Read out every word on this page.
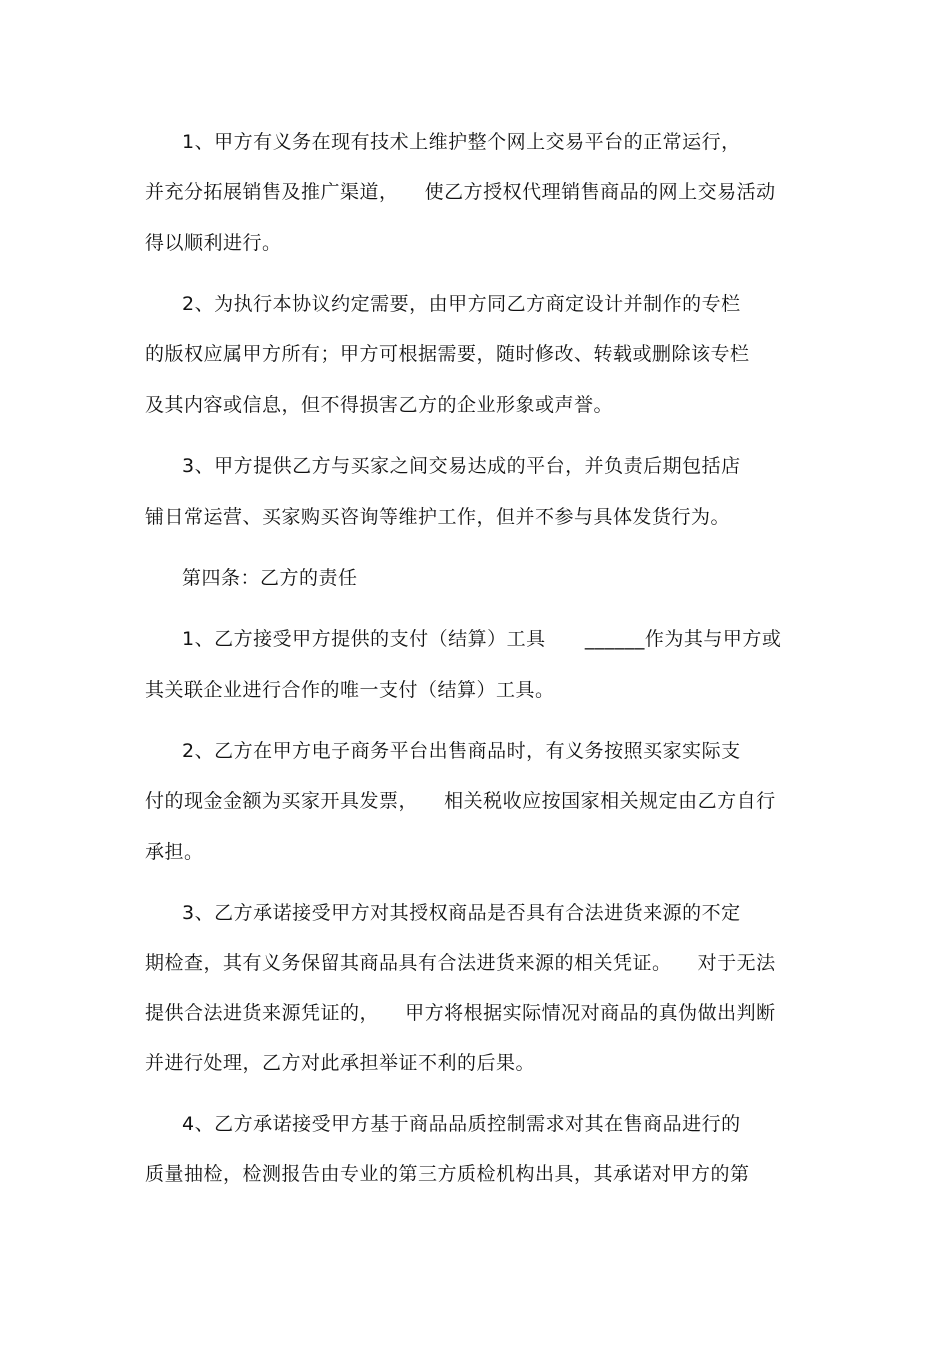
1、甲方有义务在现有技术上维护整个网上交易平台的正常运行，
并充分拓展销售及推广渠道，    使乙方授权代理销售商品的网上交易活动
得以顺利进行。
2、为执行本协议约定需要，由甲方同乙方商定设计并制作的专栏
的版权应属甲方所有；甲方可根据需要，随时修改、转载或删除该专栏
及其内容或信息，但不得损害乙方的企业形象或声誉。
3、甲方提供乙方与买家之间交易达成的平台，并负责后期包括店
铺日常运营、买家购买咨询等维护工作，但并不参与具体发货行为。
第四条：乙方的责任
1、乙方接受甲方提供的支付（结算）工具      ______作为其与甲方或
其关联企业进行合作的唯一支付（结算）工具。
2、乙方在甲方电子商务平台出售商品时，有义务按照买家实际支
付的现金金额为买家开具发票，    相关税收应按国家相关规定由乙方自行
承担。
3、乙方承诺接受甲方对其授权商品是否具有合法进货来源的不定
期检查，其有义务保留其商品具有合法进货来源的相关凭证。    对于无法
提供合法进货来源凭证的，    甲方将根据实际情况对商品的真伪做出判断
并进行处理，乙方对此承担举证不利的后果。
4、乙方承诺接受甲方基于商品品质控制需求对其在售商品进行的
质量抽检，检测报告由专业的第三方质检机构出具，其承诺对甲方的第
